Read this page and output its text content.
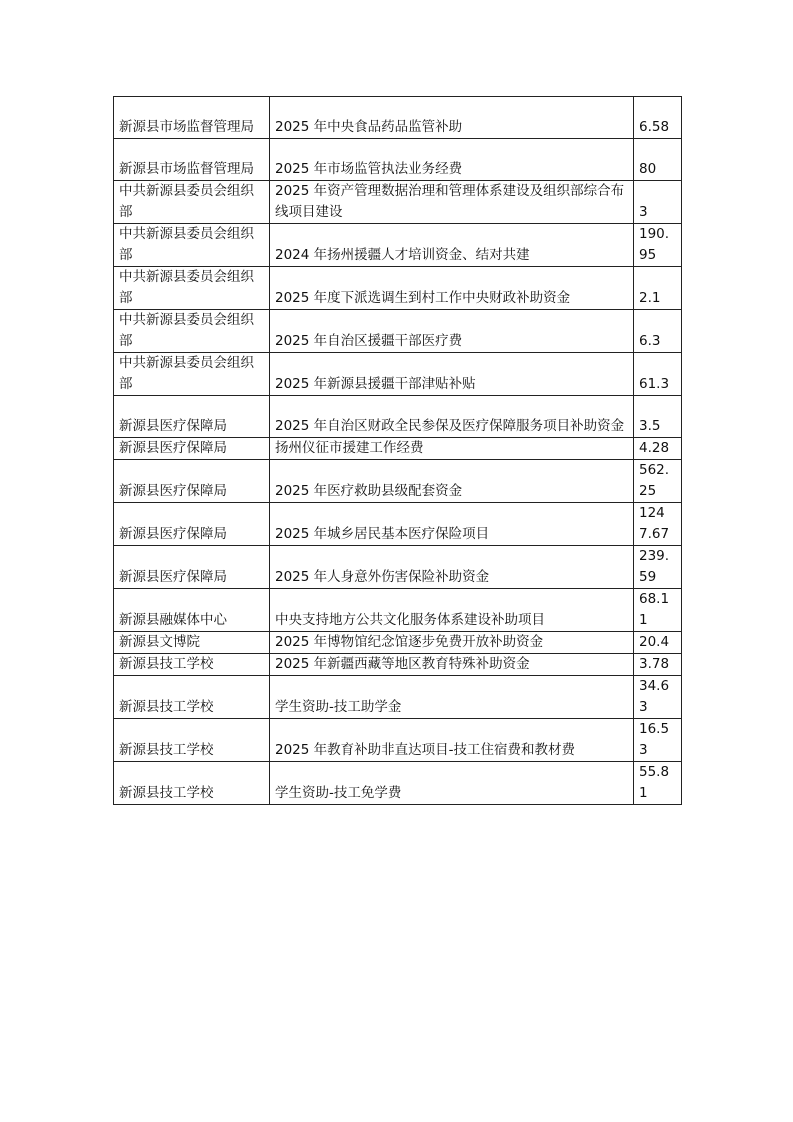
新源县市场监督管理局	2025 年中央食品药品监管补助	6.58
新源县市场监督管理局	2025 年市场监管执法业务经费	80
中共新源县委员会组织部	2025 年资产管理数据治理和管理体系建设及组织部综合布线项目建设	3
中共新源县委员会组织部	2024 年扬州援疆人才培训资金、结对共建	190.95
中共新源县委员会组织部	2025 年度下派选调生到村工作中央财政补助资金	2.1
中共新源县委员会组织部	2025 年自治区援疆干部医疗费	6.3
中共新源县委员会组织部	2025 年新源县援疆干部津贴补贴	61.3
新源县医疗保障局	2025 年自治区财政全民参保及医疗保障服务项目补助资金	3.5
新源县医疗保障局	扬州仪征市援建工作经费	4.28
新源县医疗保障局	2025 年医疗救助县级配套资金	562.25
新源县医疗保障局	2025 年城乡居民基本医疗保险项目	1247.67
新源县医疗保障局	2025 年人身意外伤害保险补助资金	239.59
新源县融媒体中心	中央支持地方公共文化服务体系建设补助项目	68.11
新源县文博院	2025 年博物馆纪念馆逐步免费开放补助资金	20.4
新源县技工学校	2025 年新疆西藏等地区教育特殊补助资金	3.78
新源县技工学校	学生资助-技工助学金	34.63
新源县技工学校	2025 年教育补助非直达项目-技工住宿费和教材费	16.53
新源县技工学校	学生资助-技工免学费	55.81
